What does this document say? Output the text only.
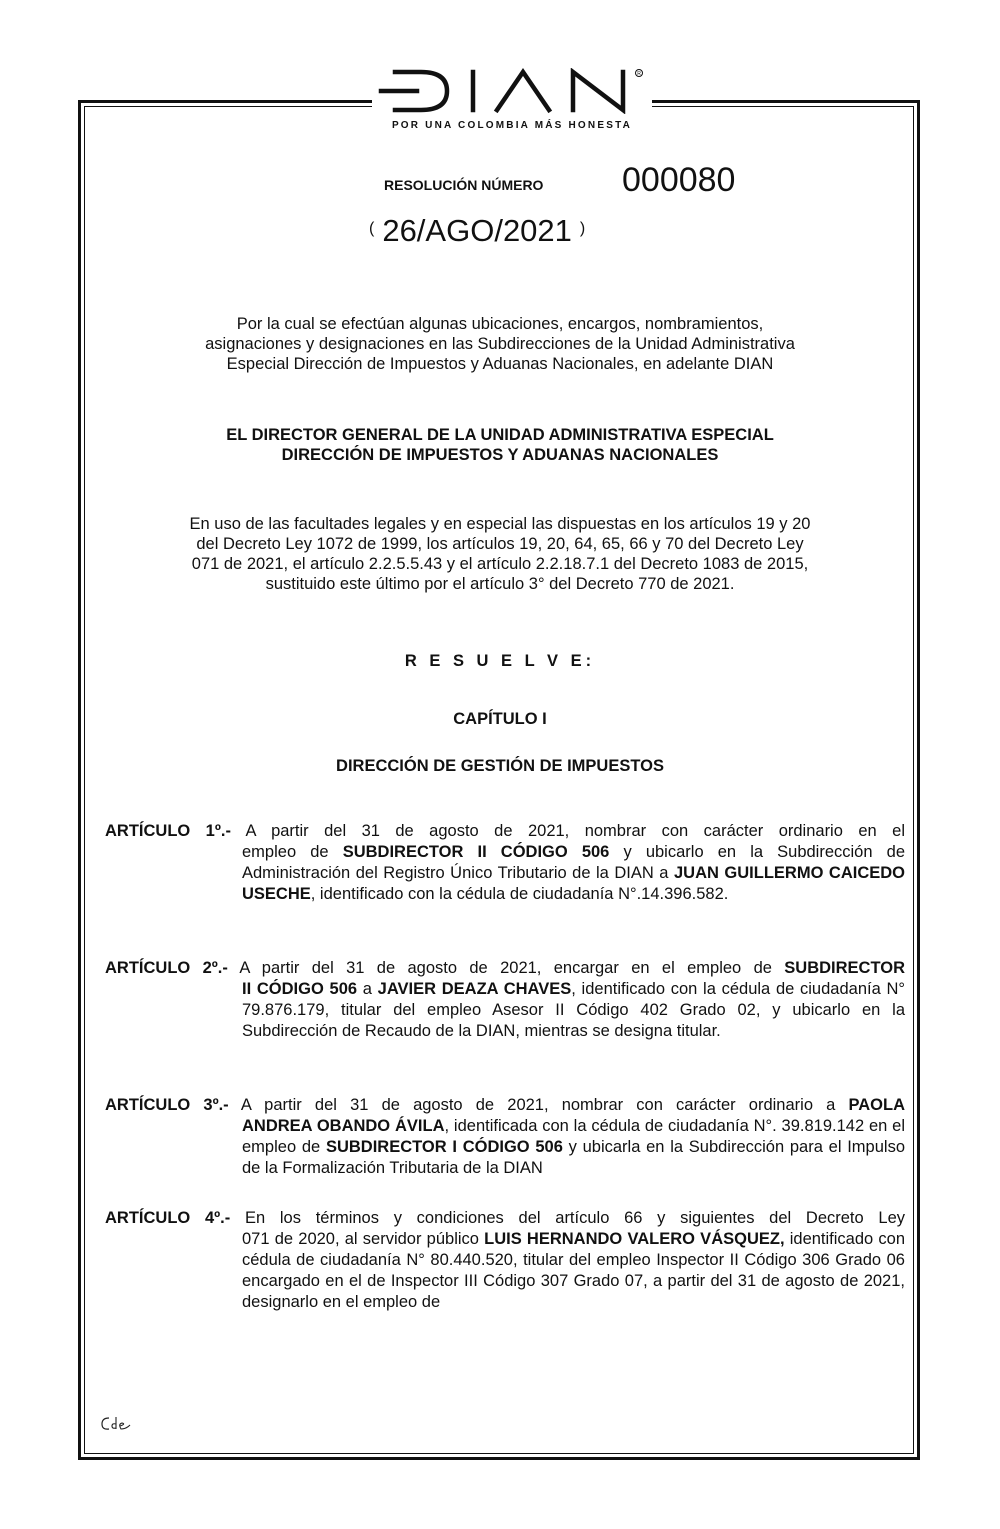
R
POR UNA COLOMBIA MÁS HONESTA
RESOLUCIÓN NÚMERO 000080
( 26/AGO/2021 )
Por la cual se efectúan algunas ubicaciones, encargos, nombramientos,
asignaciones y designaciones en las Subdirecciones de la Unidad Administrativa
Especial Dirección de Impuestos y Aduanas Nacionales, en adelante DIAN
EL DIRECTOR GENERAL DE LA UNIDAD ADMINISTRATIVA ESPECIAL
DIRECCIÓN DE IMPUESTOS Y ADUANAS NACIONALES
En uso de las facultades legales y en especial las dispuestas en los artículos 19 y 20
del Decreto Ley 1072 de 1999, los artículos 19, 20, 64, 65, 66 y 70 del Decreto Ley
071 de 2021, el artículo 2.2.5.5.43 y el artículo 2.2.18.7.1 del Decreto 1083 de 2015,
sustituido este último por el artículo 3° del Decreto 770 de 2021.
R E S U E L V E:
CAPÍTULO I
DIRECCIÓN DE GESTIÓN DE IMPUESTOS
ARTÍCULO 1º.- A partir del 31 de agosto de 2021, nombrar con carácter ordinario en el
empleo de SUBDIRECTOR II CÓDIGO 506 y ubicarlo en la Subdirección de Administración del Registro Único Tributario de la DIAN a JUAN GUILLERMO CAICEDO USECHE, identificado con la cédula de ciudadanía N°.14.396.582.
ARTÍCULO 2º.- A partir del 31 de agosto de 2021, encargar en el empleo de SUBDIRECTOR
II CÓDIGO 506 a JAVIER DEAZA CHAVES, identificado con la cédula de ciudadanía N° 79.876.179, titular del empleo Asesor II Código 402 Grado 02, y ubicarlo en la Subdirección de Recaudo de la DIAN, mientras se designa titular.
ARTÍCULO 3º.- A partir del 31 de agosto de 2021, nombrar con carácter ordinario a PAOLA
ANDREA OBANDO ÁVILA, identificada con la cédula de ciudadanía N°. 39.819.142 en el empleo de SUBDIRECTOR I CÓDIGO 506 y ubicarla en la Subdirección para el Impulso de la Formalización Tributaria de la DIAN
ARTÍCULO 4º.- En los términos y condiciones del artículo 66 y siguientes del Decreto Ley
071 de 2020, al servidor público LUIS HERNANDO VALERO VÁSQUEZ, identificado con cédula de ciudadanía N° 80.440.520, titular del empleo Inspector II Código 306 Grado 06 encargado en el de Inspector III Código 307 Grado 07, a partir del 31 de agosto de 2021, designarlo en el empleo de
